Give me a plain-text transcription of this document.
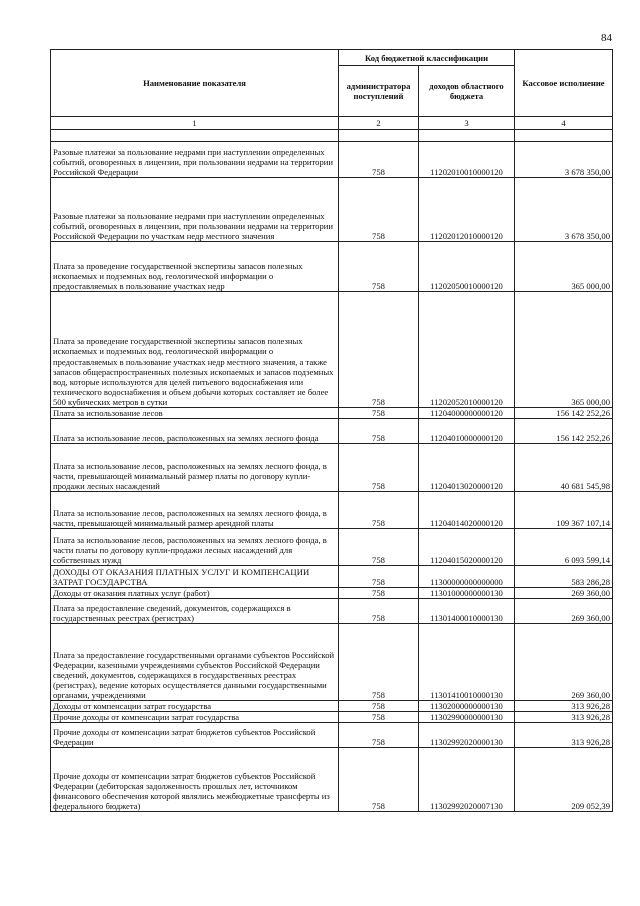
84
Наименование показателя	Код бюджетной классификации		Кассовое исполнение
	администратора поступлений	доходов областного бюджета	
1	2	3	4

Разовые платежи за пользование недрами при наступлении определенных событий, оговоренных в лицензии, при пользовании недрами на территории Российской Федерации	758	11202010010000120	3 678 350,00
Разовые платежи за пользование недрами при наступлении определенных событий, оговоренных в лицензии, при пользовании недрами на территории Российской Федерации по участкам недр местного значения	758	11202012010000120	3 678 350,00
Плата за проведение государственной экспертизы запасов полезных ископаемых и подземных вод, геологической информации о предоставляемых в пользование участках недр	758	11202050010000120	365 000,00
Плата за проведение государственной экспертизы запасов полезных ископаемых и подземных вод, геологической информации о предоставляемых в пользование участках недр местного значения, а также запасов общераспространенных полезных ископаемых и запасов подземных вод, которые используются для целей питьевого водоснабжения или технического водоснабжения и объем добычи которых составляет не более 500 кубических метров в сутки	758	11202052010000120	365 000,00
Плата за использование лесов	758	11204000000000120	156 142 252,26
Плата за использование лесов, расположенных на землях лесного фонда	758	11204010000000120	156 142 252,26
Плата за использование лесов, расположенных на землях лесного фонда, в части, превышающей минимальный размер платы по договору купли-продажи лесных насаждений	758	11204013020000120	40 681 545,98
Плата за использование лесов, расположенных на землях лесного фонда, в части, превышающей минимальный размер арендной платы	758	11204014020000120	109 367 107,14
Плата за использование лесов, расположенных на землях лесного фонда, в части платы по договору купли-продажи лесных насаждений для собственных нужд	758	11204015020000120	6 093 599,14
ДОХОДЫ ОТ ОКАЗАНИЯ ПЛАТНЫХ УСЛУГ И КОМПЕНСАЦИИ ЗАТРАТ ГОСУДАРСТВА	758	11300000000000000	583 286,28
Доходы от оказания платных услуг (работ)	758	11301000000000130	269 360,00
Плата за предоставление сведений, документов, содержащихся в государственных реестрах (регистрах)	758	11301400010000130	269 360,00
Плата за предоставление государственными органами субъектов Российской Федерации, казенными учреждениями субъектов Российской Федерации сведений, документов, содержащихся в государственных реестрах (регистрах), ведение которых осуществляется данными государственными органами, учреждениями	758	11301410010000130	269 360,00
Доходы от компенсации затрат государства	758	11302000000000130	313 926,28
Прочие доходы от компенсации затрат государства	758	11302990000000130	313 926,28
Прочие доходы от компенсации затрат бюджетов субъектов Российской Федерации	758	11302992020000130	313 926,28
Прочие доходы от компенсации затрат бюджетов субъектов Российской Федерации (дебиторская задолженность прошлых лет, источником финансового обеспечения которой являлись межбюджетные трансферты из федерального бюджета)	758	11302992020007130	209 052,39
